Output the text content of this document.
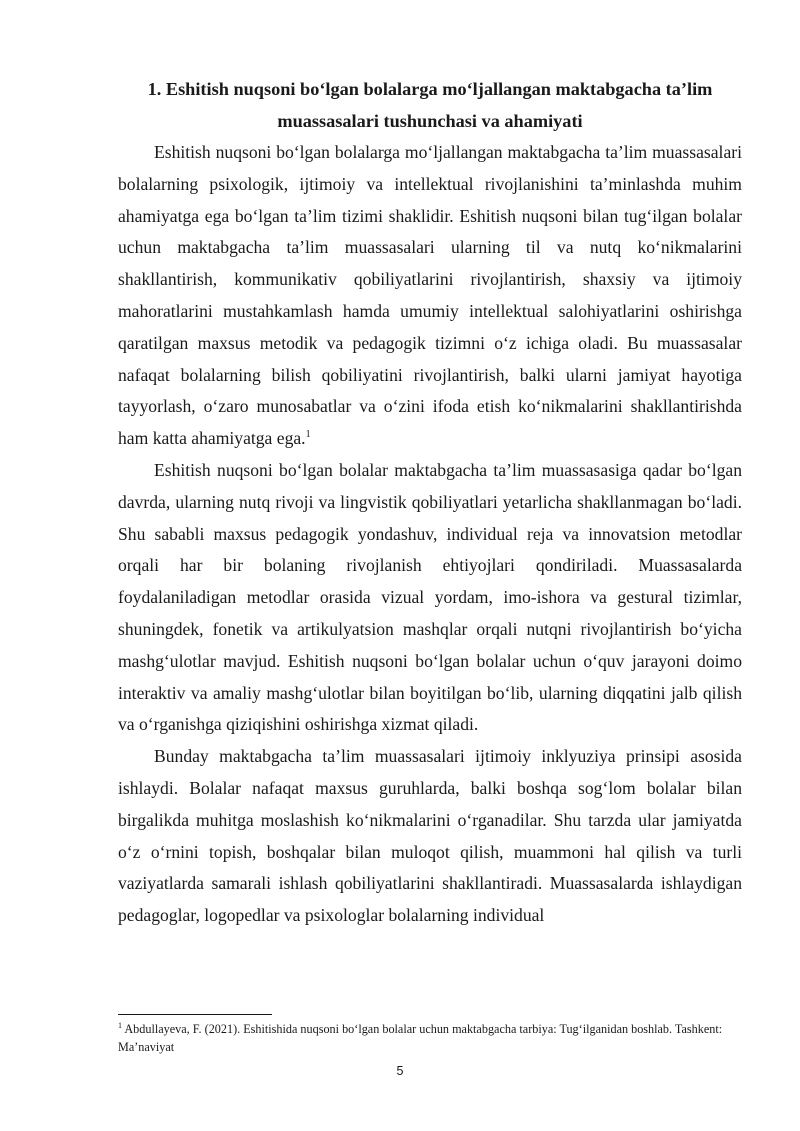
1. Eshitish nuqsoni bo‘lgan bolalarga mo‘ljallangan maktabgacha ta’lim muassasalari tushunchasi va ahamiyati

Eshitish nuqsoni bo‘lgan bolalarga mo‘ljallangan maktabgacha ta’lim muassasalari bolalarning psixologik, ijtimoiy va intellektual rivojlanishini ta’minlashda muhim ahamiyatga ega bo‘lgan ta’lim tizimi shaklidir. Eshitish nuqsoni bilan tug‘ilgan bolalar uchun maktabgacha ta’lim muassasalari ularning til va nutq ko‘nikmalarini shakllantirish, kommunikativ qobiliyatlarini rivojlantirish, shaxsiy va ijtimoiy mahoratlarini mustahkamlash hamda umumiy intellektual salohiyatlarini oshirishga qaratilgan maxsus metodik va pedagogik tizimni o‘z ichiga oladi. Bu muassasalar nafaqat bolalarning bilish qobiliyatini rivojlantirish, balki ularni jamiyat hayotiga tayyorlash, o‘zaro munosabatlar va o‘zini ifoda etish ko‘nikmalarini shakllantirishda ham katta ahamiyatga ega.$^1$

Eshitish nuqsoni bo‘lgan bolalar maktabgacha ta’lim muassasasiga qadar bo‘lgan davrda, ularning nutq rivoji va lingvistik qobiliyatlari yetarlicha shakllanmagan bo‘ladi. Shu sababli maxsus pedagogik yondashuv, individual reja va innovatsion metodlar orqali har bir bolaning rivojlanish ehtiyojlari qondiriladi. Muassasalarda foydalaniladigan metodlar orasida vizual yordam, imo-ishora va gestural tizimlar, shuningdek, fonetik va artikulyatsion mashqlar orqali nutqni rivojlantirish bo‘yicha mashg‘ulotlar mavjud. Eshitish nuqsoni bo‘lgan bolalar uchun o‘quv jarayoni doimo interaktiv va amaliy mashg‘ulotlar bilan boyitilgan bo‘lib, ularning diqqatini jalb qilish va o‘rganishga qiziqishini oshirishga xizmat qiladi.

Bunday maktabgacha ta’lim muassasalari ijtimoiy inklyuziya prinsipi asosida ishlaydi. Bolalar nafaqat maxsus guruhlarda, balki boshqa sog‘lom bolalar bilan birgalikda muhitga moslashish ko‘nikmalarini o‘rganadilar. Shu tarzda ular jamiyatda o‘z o‘rnini topish, boshqalar bilan muloqot qilish, muammoni hal qilish va turli vaziyatlarda samarali ishlash qobiliyatlarini shakllantiradi. Muassasalarda ishlaydigan pedagoglar, logopedlar va psixologlar bolalarning individual

$^1$ Abdullayeva, F. (2021). Eshitishida nuqsoni bo‘lgan bolalar uchun maktabgacha tarbiya: Tug‘ilganidan boshlab. Tashkent: Ma’naviyat

5
